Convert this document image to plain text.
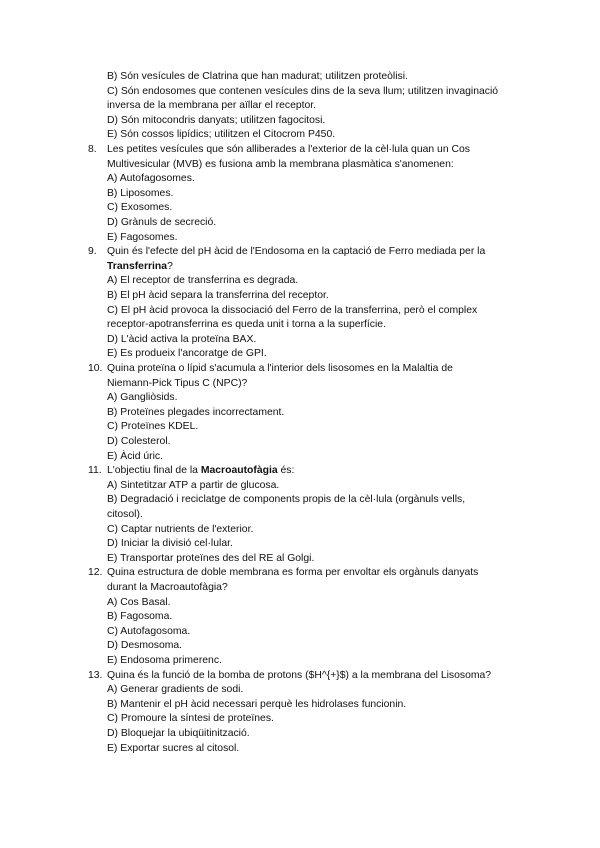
B) Són vesícules de Clatrina que han madurat; utilitzen proteòlisi.
C) Són endosomes que contenen vesícules dins de la seva llum; utilitzen invaginació
inversa de la membrana per aïllar el receptor.
D) Són mitocondris danyats; utilitzen fagocitosi.
E) Són cossos lipídics; utilitzen el Citocrom P450.
8. Les petites vesícules que són alliberades a l'exterior de la cèl·lula quan un Cos
Multivesicular (MVB) es fusiona amb la membrana plasmàtica s'anomenen:
A) Autofagosomes.
B) Liposomes.
C) Exosomes.
D) Grànuls de secreció.
E) Fagosomes.
9. Quin és l'efecte del pH àcid de l'Endosoma en la captació de Ferro mediada per la
Transferrina?
A) El receptor de transferrina es degrada.
B) El pH àcid separa la transferrina del receptor.
C) El pH àcid provoca la dissociació del Ferro de la transferrina, però el complex
receptor-apotransferrina es queda unit i torna a la superfície.
D) L'àcid activa la proteïna BAX.
E) Es produeix l'ancoratge de GPI.
10. Quina proteïna o lípid s'acumula a l'interior dels lisosomes en la Malaltia de
Niemann-Pick Tipus C (NPC)?
A) Gangliòsids.
B) Proteïnes plegades incorrectament.
C) Proteïnes KDEL.
D) Colesterol.
E) Àcid úric.
11. L'objectiu final de la Macroautofàgia és:
A) Sintetitzar ATP a partir de glucosa.
B) Degradació i reciclatge de components propis de la cèl·lula (orgànuls vells,
citosol).
C) Captar nutrients de l'exterior.
D) Iniciar la divisió cel·lular.
E) Transportar proteïnes des del RE al Golgi.
12. Quina estructura de doble membrana es forma per envoltar els orgànuls danyats
durant la Macroautofàgia?
A) Cos Basal.
B) Fagosoma.
C) Autofagosoma.
D) Desmosoma.
E) Endosoma primerenc.
13. Quina és la funció de la bomba de protons ($H^{+}$) a la membrana del Lisosoma?
A) Generar gradients de sodi.
B) Mantenir el pH àcid necessari perquè les hidrolases funcionin.
C) Promoure la síntesi de proteïnes.
D) Bloquejar la ubiqüitinització.
E) Exportar sucres al citosol.
